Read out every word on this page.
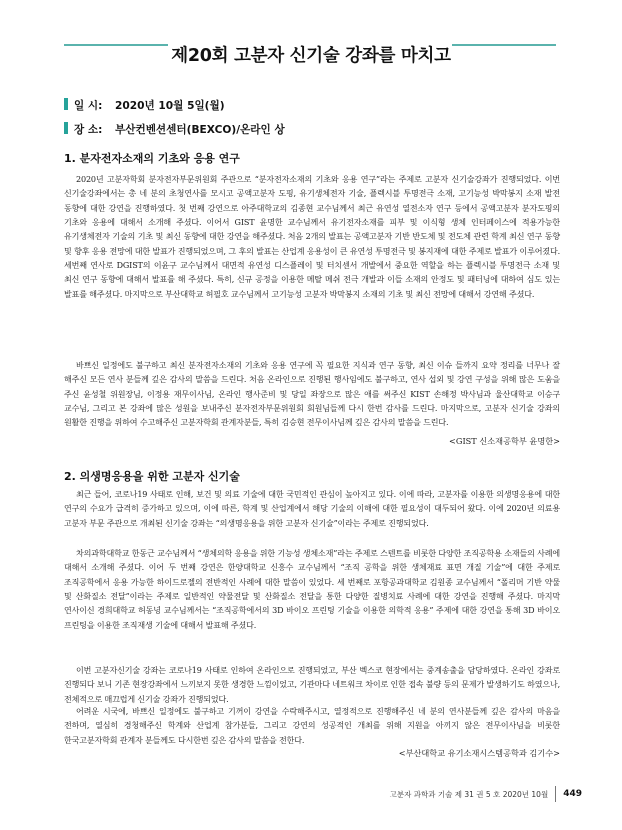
제20회 고분자 신기술 강좌를 마치고
일 시: 2020년 10월 5일(월)
장 소: 부산컨벤션센터(BEXCO)/온라인 상
1. 분자전자소재의 기초와 응용 연구
2020년 고분자학회 분자전자부문위원회 주관으로 “분자전자소재의 기초와 응용 연구”라는 주제로 고분자 신기술강좌가 진행되었다. 이번 신기술강좌에서는 총 네 분의 초청연사를 모시고 공액고분자 도핑, 유기생체전자 기술, 플렉시블 투명전극 소재, 고기능성 박막봉지 소재 발전 동향에 대한 강연을 진행하였다. 첫 번째 강연으로 아주대학교의 김종현 교수님께서 최근 유연성 열전소자 연구 등에서 공액고분자 분자도핑의 기초와 응용에 대해서 소개해 주셨다. 이어서 GIST 윤명한 교수님께서 유기전자소재를 피부 및 이식형 생체 인터페이스에 적용가능한 유기생체전자 기술의 기초 및 최신 동향에 대한 강연을 해주셨다. 처음 2개의 발표는 공액고분자 기반 반도체 및 전도체 관련 학계 최신 연구 동향 및 향후 응용 전망에 대한 발표가 진행되었으며, 그 후의 발표는 산업계 응용성이 큰 유연성 투명전극 및 봉지재에 대한 주제로 발표가 이루어졌다. 세번째 연사로 DGIST의 이윤구 교수님께서 대면적 유연성 디스플레이 및 터치센서 개발에서 중요한 역할을 하는 플렉시블 투명전극 소재 및 최신 연구 동향에 대해서 발표를 해 주셨다. 특히, 신규 공정을 이용한 메탈 메쉬 전극 개발과 이들 소재의 안정도 및 패터닝에 대하여 심도 있는 발표를 해주셨다. 마지막으로 부산대학교 허필호 교수님께서 고기능성 고분자 박막봉지 소재의 기초 및 최신 전망에 대해서 강연해 주셨다.
바쁘신 일정에도 불구하고 최신 분자전자소재의 기초와 응용 연구에 꼭 필요한 지식과 연구 동향, 최신 이슈 들까지 요약 정리를 너무나 잘 해주신 모든 연사 분들께 깊은 감사의 말씀을 드린다. 처음 온라인으로 진행된 행사임에도 불구하고, 연사 섭외 및 강연 구성을 위해 많은 도움을 주신 윤성철 위원장님, 이정용 재무이사님, 온라인 행사준비 및 당일 좌장으로 많은 애를 써주신 KIST 손해정 박사님과 울산대학교 이승구 교수님, 그리고 본 강좌에 많은 성원을 보내주신 분자전자부문위원회 회원님들께 다시 한번 감사를 드린다. 마지막으로, 고분자 신기술 강좌의 원활한 진행을 위하여 수고해주신 고분자학회 관계자분들, 특히 김승현 전무이사님께 깊은 감사의 말씀을 드린다.
<GIST 신소재공학부 윤명한>
2. 의생명응용을 위한 고분자 신기술
최근 들어, 코로나19 사태로 인해, 보건 및 의료 기술에 대한 국민적인 관심이 높아지고 있다. 이에 따라, 고분자를 이용한 의생명응용에 대한 연구의 수요가 급격히 증가하고 있으며, 이에 따른, 학계 및 산업계에서 해당 기술의 이해에 대한 필요성이 대두되어 왔다. 이에 2020년 의료용 고분자 부문 주관으로 개최된 신기술 강좌는 “의생명응용을 위한 고분자 신기술”이라는 주제로 진행되었다.
차의과학대학교 한동근 교수님께서 “생체의학 응용을 위한 기능성 생체소재”라는 주제로 스텐트를 비롯한 다양한 조직공학용 소재들의 사례에 대해서 소개해 주셨다. 이어 두 번째 강연은 한양대학교 신흥수 교수님께서 “조직 공학을 위한 생체재료 표면 개질 기술”에 대한 주제로 조직공학에서 응용 가능한 하이드로젤의 전반적인 사례에 대한 말씀이 있었다. 세 번째로 포항공과대학교 김원종 교수님께서 “폴리머 기반 약물 및 산화질소 전달”이라는 주제로 일반적인 약물전달 및 산화질소 전달을 통한 다양한 질병치료 사례에 대한 강연을 진행해 주셨다. 마지막 연사이신 경희대학교 허동녕 교수님께서는 “조직공학에서의 3D 바이오 프린팅 기술을 이용한 의학적 응용” 주제에 대한 강연을 통해 3D 바이오 프린팅을 이용한 조직재생 기술에 대해서 발표해 주셨다.
이번 고분자신기술 강좌는 코로나19 사태로 인하여 온라인으로 진행되었고, 부산 벡스코 현장에서는 중계송출을 담당하였다. 온라인 강좌로 진행되다 보니 기존 현장강좌에서 느끼보지 못한 생경한 느낌이었고, 기관마다 네트워크 차이로 인한 접속 불량 등의 문제가 발생하기도 하였으나, 전체적으로 매끄럽게 신기술 강좌가 진행되었다.
어려운 시국에, 바쁘신 일정에도 불구하고 기꺼이 강연을 수락해주시고, 열정적으로 진행해주신 네 분의 연사분들께 깊은 감사의 마음을 전하며, 열심히 경청해주신 학계와 산업계 참가분들, 그리고 강연의 성공적인 개최를 위해 지원을 아끼지 않은 전무이사님을 비롯한 한국고분자학회 관계자 분들께도 다시한번 깊은 감사의 말씀을 전한다.
<부산대학교 유기소재시스템공학과 김기수>
고분자 과학과 기술 제 31 권 5 호 2020년 10월 449
